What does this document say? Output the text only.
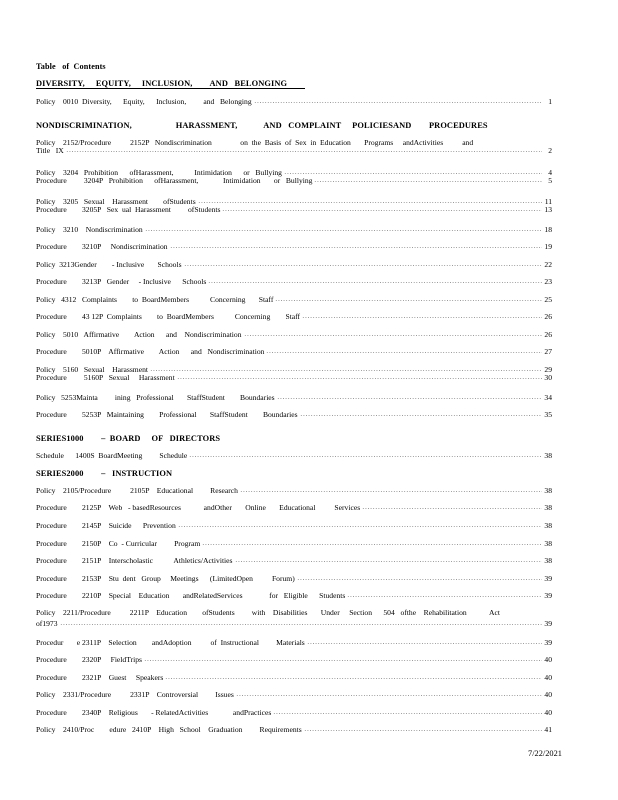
Table   of  Contents
DIVERSITY,     EQUITY,     INCLUSION,        AND   BELONGING
Policy    0010  Diversity,      Equity,      Inclusion,         and   Belonging	1
NONDISCRIMINATION,                    HARASSMENT,            AND   COMPLAINT     POLICIESAND        PROCEDURES
Policy    2152/Procedure          2152P   Nondiscrimination               on  the  Basis  of  Sex  in  Education       Programs     andActivities          and
Title   IX	2
Policy    3204   Prohibition      ofHarassment,           Intimidation      or   Bullying	4
Procedure         3204P   Prohibition      ofHarassment,             Intimidation       or   Bullying	5
Policy    3205   Sexual    Harassment        ofStudents	11
Procedure        3205P   Sex  ual  Harassment         ofStudents	13
Policy    3210    Nondiscrimination	18
Procedure        3210P     Nondiscrimination	19
Policy  3213Gender        - Inclusive       Schools	22
Procedure        3213P   Gender     - Inclusive      Schools	23
Policy   4312   Complaints        to  BoardMembers           Concerning       Staff	25
Procedure        43 12P  Complaints        to  BoardMembers           Concerning        Staff	26
Policy    5010   Affirmative        Action      and    Nondiscrimination	26
Procedure        5010P    Affirmative        Action      and   Nondiscrimination	27
Policy    5160   Sexual    Harassment	29
Procedure         5160P   Sexual     Harassment	30
Policy   5253Mainta         ining   Professional       StaffStudent        Boundaries	34
Procedure        5253P   Maintaining        Professional       StaffStudent        Boundaries	35
SERIES1000        –  BOARD     OF   DIRECTORS
Schedule      1400S  BoardMeeting         Schedule	38
SERIES2000        –   INSTRUCTION
Policy    2105/Procedure          2105P    Educational         Research	38
Procedure        2125P    Web   - basedResources            andOther       Online       Educational          Services	38
Procedure        2145P    Suicide      Prevention	38
Procedure        2150P    Co  - Curricular         Program	38
Procedure        2151P    Interscholastic           Athletics/Activities	38
Procedure        2153P    Stu  dent   Group     Meetings      (LimitedOpen          Forum)	39
Procedure        2210P    Special    Education       andRelatedServices              for   Eligible      Students	39
Policy    2211/Procedure          2211P    Education        ofStudents         with    Disabilities       Under     Section      504   ofthe    Rehabilitation            Act
of1973	39
Procedur       e 2311P    Selection        andAdoption          of  Instructional         Materials	39
Procedure        2320P     FieldTrips	40
Procedure        2321P    Guest     Speakers	40
Policy    2331/Procedure          2331P    Controversial         Issues	40
Procedure        2340P    Religious       - RelatedActivities             andPractices	40
Policy    2410/Proc        edure   2410P    High   School    Graduation         Requirements	41
7/22/2021
